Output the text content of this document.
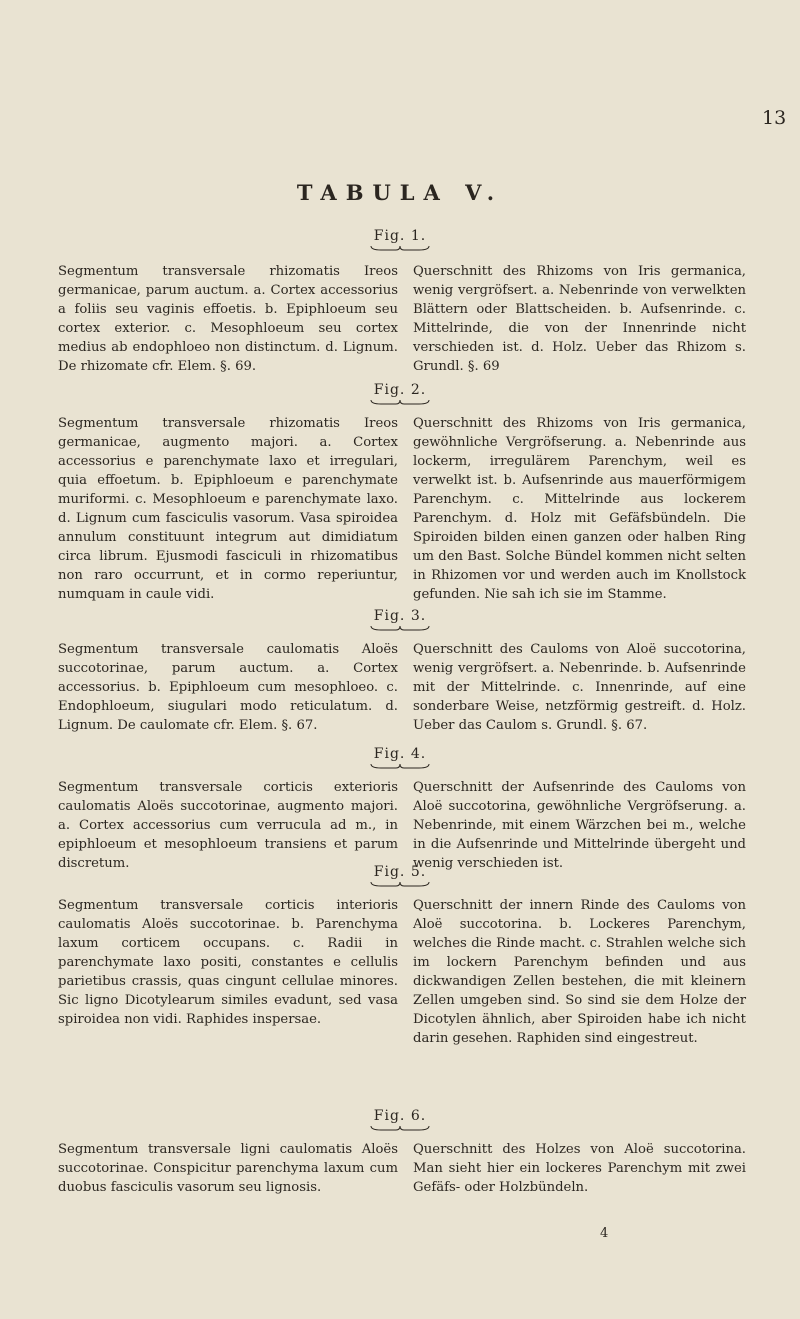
13
TABULA V.
Fig. 1.

Segmentum transversale rhizomatis Ireos germanicae, parum auctum. a. Cortex accessorius a foliis seu vaginis effoetis. b. Epiphloeum seu cortex exterior. c. Mesophloeum seu cortex medius ab endophloeo non distinctum. d. Lignum. De rhizomate cfr. Elem. §. 69.

Querschnitt des Rhizoms von Iris germanica, wenig vergröfsert. a. Nebenrinde von verwelkten Blättern oder Blattscheiden. b. Aufsenrinde. c. Mittelrinde, die von der Innenrinde nicht verschieden ist. d. Holz. Ueber das Rhizom s. Grundl. §. 69

Fig. 2.

Segmentum transversale rhizomatis Ireos germanicae, augmento majori. a. Cortex accessorius e parenchymate laxo et irregulari, quia effoetum. b. Epiphloeum e parenchymate muriformi. c. Mesophloeum e parenchymate laxo. d. Lignum cum fasciculis vasorum. Vasa spiroidea annulum constituunt integrum aut dimidiatum circa librum. Ejusmodi fasciculi in rhizomatibus non raro occurrunt, et in cormo reperiuntur, numquam in caule vidi.

Querschnitt des Rhizoms von Iris germanica, gewöhnliche Vergröfserung. a. Nebenrinde aus lockerm, irregulärem Parenchym, weil es verwelkt ist. b. Aufsenrinde aus mauerförmigem Parenchym. c. Mittelrinde aus lockerem Parenchym. d. Holz mit Gefäfsbündeln. Die Spiroiden bilden einen ganzen oder halben Ring um den Bast. Solche Bündel kommen nicht selten in Rhizomen vor und werden auch im Knollstock gefunden. Nie sah ich sie im Stamme.

Fig. 3.

Segmentum transversale caulomatis Aloës succotorinae, parum auctum. a. Cortex accessorius. b. Epiphloeum cum mesophloeo. c. Endophloeum, siugulari modo reticulatum. d. Lignum. De caulomate cfr. Elem. §. 67.

Querschnitt des Cauloms von Aloë succotorina, wenig vergröfsert. a. Nebenrinde. b. Aufsenrinde mit der Mittelrinde. c. Innenrinde, auf eine sonderbare Weise, netzförmig gestreift. d. Holz. Ueber das Caulom s. Grundl. §. 67.

Fig. 4.

Segmentum transversale corticis exterioris caulomatis Aloës succotorinae, augmento majori. a. Cortex accessorius cum verrucula ad m., in epiphloeum et mesophloeum transiens et parum discretum.

Querschnitt der Aufsenrinde des Cauloms von Aloë succotorina, gewöhnliche Vergröfserung. a. Nebenrinde, mit einem Wärzchen bei m., welche in die Aufsenrinde und Mittelrinde übergeht und wenig verschieden ist.

Fig. 5.

Segmentum transversale corticis interioris caulomatis Aloës succotorinae. b. Parenchyma laxum corticem occupans. c. Radii in parenchymate laxo positi, constantes e cellulis parietibus crassis, quas cingunt cellulae minores. Sic ligno Dicotylearum similes evadunt, sed vasa spiroidea non vidi. Raphides inspersae.

Querschnitt der innern Rinde des Cauloms von Aloë succotorina. b. Lockeres Parenchym, welches die Rinde macht. c. Strahlen welche sich im lockern Parenchym befinden und aus dickwandigen Zellen bestehen, die mit kleinern Zellen umgeben sind. So sind sie dem Holze der Dicotylen ähnlich, aber Spiroiden habe ich nicht darin gesehen. Raphiden sind eingestreut.

Fig. 6.

Segmentum transversale ligni caulomatis Aloës succotorinae. Conspicitur parenchyma laxum cum duobus fasciculis vasorum seu lignosis.

Querschnitt des Holzes von Aloë succotorina. Man sieht hier ein lockeres Parenchym mit zwei Gefäfs- oder Holzbündeln.

4
